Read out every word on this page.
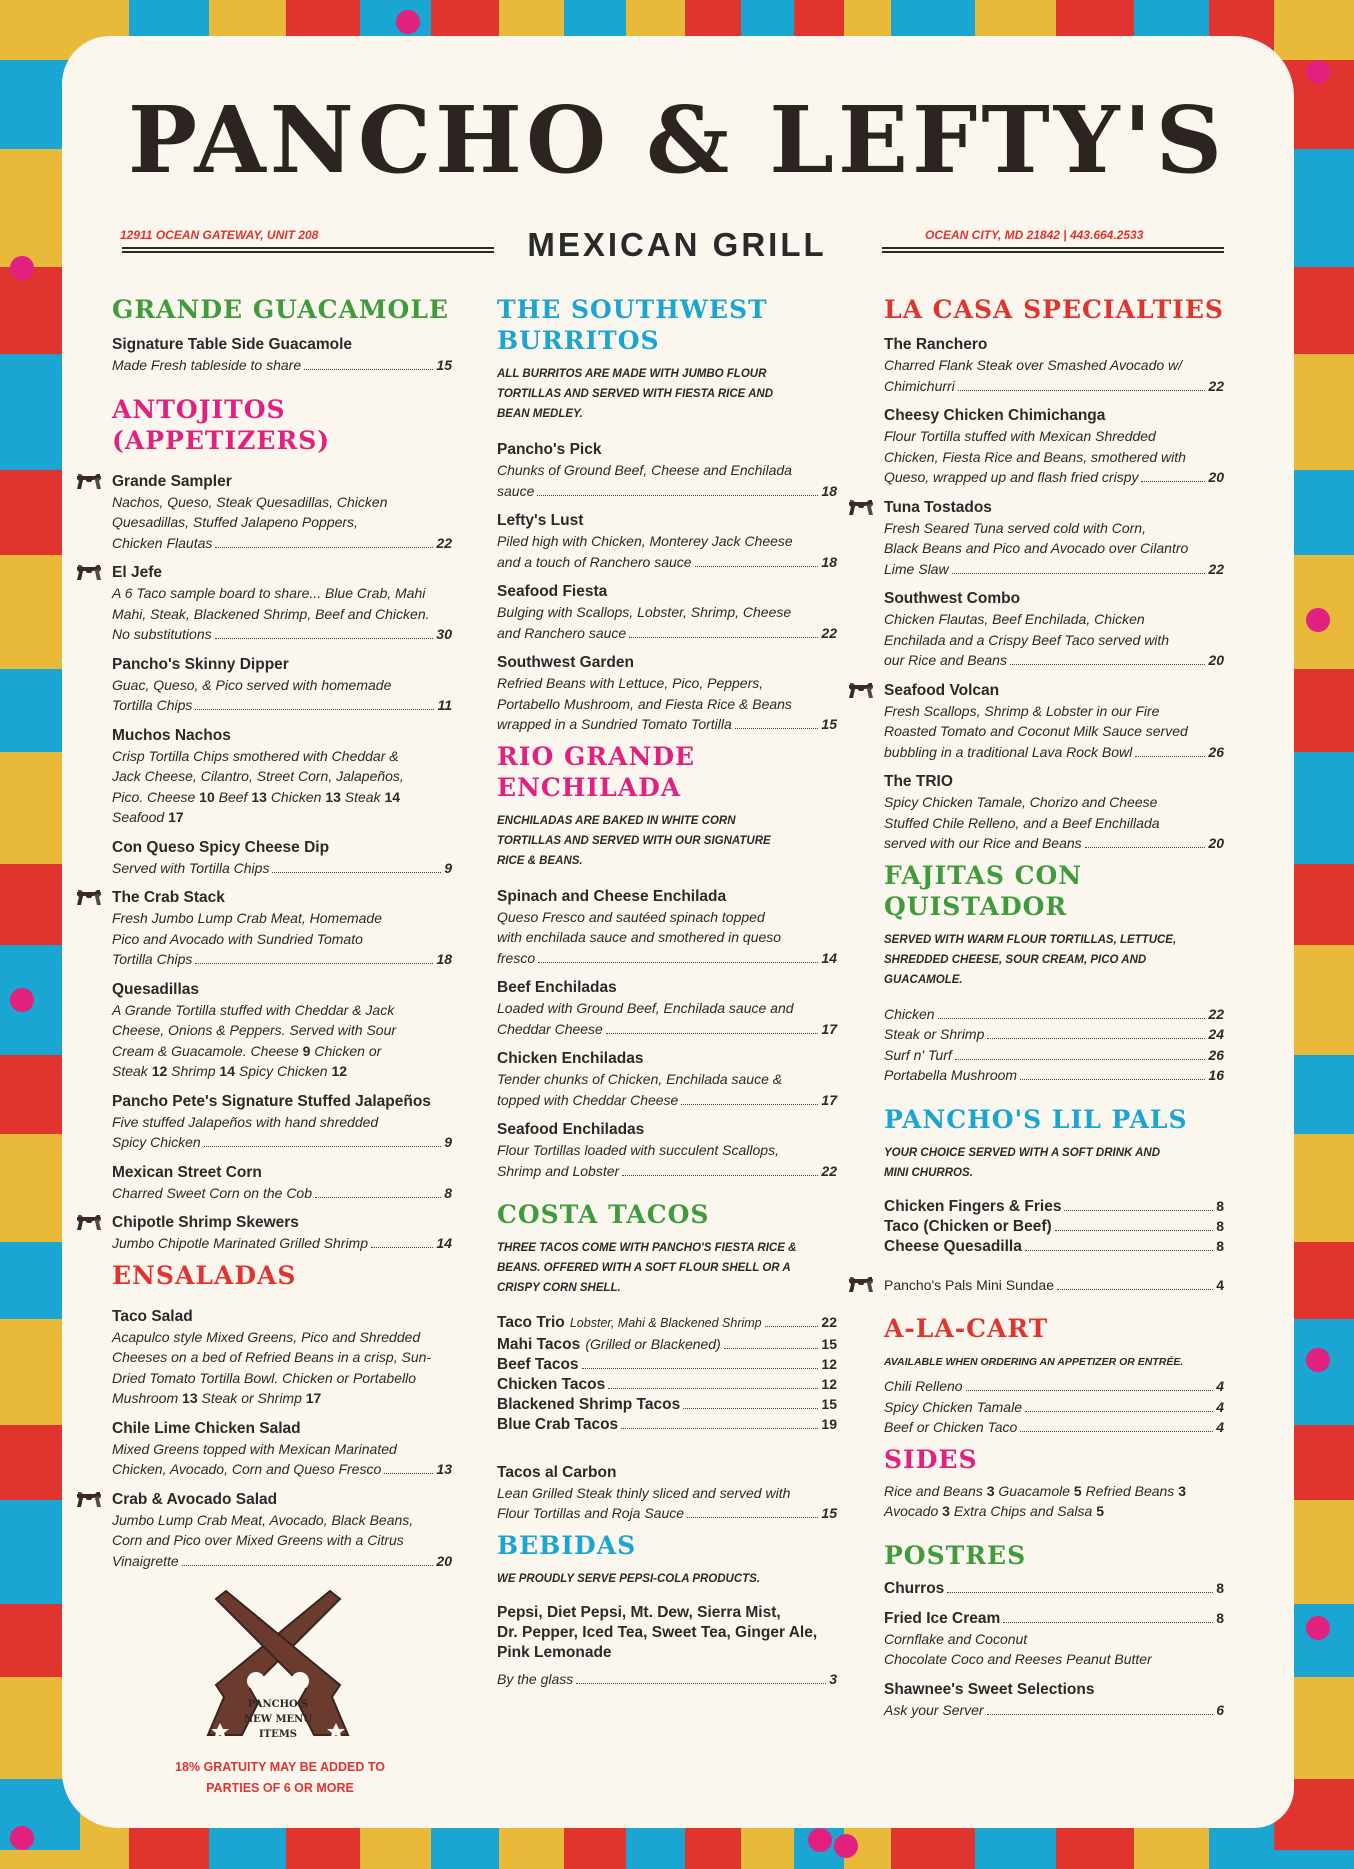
PANCHO & LEFTY'S
12911 OCEAN GATEWAY, UNIT 208	MEXICAN GRILL	OCEAN CITY, MD 21842 | 443.664.2533
GRANDE GUACAMOLE
Signature Table Side Guacamole
Made Fresh tableside to share	15
ANTOJITOS
(APPETIZERS)
Grande Sampler
Nachos, Queso, Steak Quesadillas, Chicken
Quesadillas, Stuffed Jalapeno Poppers,
Chicken Flautas	22
El Jefe
A 6 Taco sample board to share... Blue Crab, Mahi
Mahi, Steak, Blackened Shrimp, Beef and Chicken.
No substitutions	30
Pancho's Skinny Dipper
Guac, Queso, & Pico served with homemade
Tortilla Chips	11
Muchos Nachos
Crisp Tortilla Chips smothered with Cheddar &
Jack Cheese, Cilantro, Street Corn, Jalapeños,
Pico. Cheese 10 Beef 13 Chicken 13 Steak 14
Seafood 17
Con Queso Spicy Cheese Dip
Served with Tortilla Chips	9
The Crab Stack
Fresh Jumbo Lump Crab Meat, Homemade
Pico and Avocado with Sundried Tomato
Tortilla Chips	18
Quesadillas
A Grande Tortilla stuffed with Cheddar & Jack
Cheese, Onions & Peppers. Served with Sour
Cream & Guacamole. Cheese 9 Chicken or
Steak 12 Shrimp 14 Spicy Chicken 12
Pancho Pete's Signature Stuffed Jalapeños
Five stuffed Jalapeños with hand shredded
Spicy Chicken	9
Mexican Street Corn
Charred Sweet Corn on the Cob	8
Chipotle Shrimp Skewers
Jumbo Chipotle Marinated Grilled Shrimp	14
ENSALADAS
Taco Salad
Acapulco style Mixed Greens, Pico and Shredded
Cheeses on a bed of Refried Beans in a crisp, Sun-
Dried Tomato Tortilla Bowl. Chicken or Portabello
Mushroom 13 Steak or Shrimp 17
Chile Lime Chicken Salad
Mixed Greens topped with Mexican Marinated
Chicken, Avocado, Corn and Queso Fresco	13
Crab & Avocado Salad
Jumbo Lump Crab Meat, Avocado, Black Beans,
Corn and Pico over Mixed Greens with a Citrus
Vinaigrette	20
PANCHO'S
NEW MENU
ITEMS
18% GRATUITY MAY BE ADDED TO
PARTIES OF 6 OR MORE
THE SOUTHWEST
BURRITOS
ALL BURRITOS ARE MADE WITH JUMBO FLOUR
TORTILLAS AND SERVED WITH FIESTA RICE AND
BEAN MEDLEY.
Pancho's Pick
Chunks of Ground Beef, Cheese and Enchilada
sauce	18
Lefty's Lust
Piled high with Chicken, Monterey Jack Cheese
and a touch of Ranchero sauce	18
Seafood Fiesta
Bulging with Scallops, Lobster, Shrimp, Cheese
and Ranchero sauce	22
Southwest Garden
Refried Beans with Lettuce, Pico, Peppers,
Portabello Mushroom, and Fiesta Rice & Beans
wrapped in a Sundried Tomato Tortilla	15
RIO GRANDE
ENCHILADA
ENCHILADAS ARE BAKED IN WHITE CORN
TORTILLAS AND SERVED WITH OUR SIGNATURE
RICE & BEANS.
Spinach and Cheese Enchilada
Queso Fresco and sautéed spinach topped
with enchilada sauce and smothered in queso
fresco	14
Beef Enchiladas
Loaded with Ground Beef, Enchilada sauce and
Cheddar Cheese	17
Chicken Enchiladas
Tender chunks of Chicken, Enchilada sauce &
topped with Cheddar Cheese	17
Seafood Enchiladas
Flour Tortillas loaded with succulent Scallops,
Shrimp and Lobster	22
COSTA TACOS
THREE TACOS COME WITH PANCHO'S FIESTA RICE &
BEANS. OFFERED WITH A SOFT FLOUR SHELL OR A
CRISPY CORN SHELL.
Taco Trio
Lobster, Mahi & Blackened Shrimp	22
Mahi Tacos
(Grilled or Blackened)	15
Beef Tacos	12
Chicken Tacos	12
Blackened Shrimp Tacos	15
Blue Crab Tacos	19
Tacos al Carbon
Lean Grilled Steak thinly sliced and served with
Flour Tortillas and Roja Sauce	15
BEBIDAS
WE PROUDLY SERVE PEPSI-COLA PRODUCTS.
Pepsi, Diet Pepsi, Mt. Dew, Sierra Mist,
Dr. Pepper, Iced Tea, Sweet Tea, Ginger Ale,
Pink Lemonade
By the glass	3
LA CASA SPECIALTIES
The Ranchero
Charred Flank Steak over Smashed Avocado w/
Chimichurri	22
Cheesy Chicken Chimichanga
Flour Tortilla stuffed with Mexican Shredded
Chicken, Fiesta Rice and Beans, smothered with
Queso, wrapped up and flash fried crispy	20
Tuna Tostados
Fresh Seared Tuna served cold with Corn,
Black Beans and Pico and Avocado over Cilantro
Lime Slaw	22
Southwest Combo
Chicken Flautas, Beef Enchilada, Chicken
Enchilada and a Crispy Beef Taco served with
our Rice and Beans	20
Seafood Volcan
Fresh Scallops, Shrimp & Lobster in our Fire
Roasted Tomato and Coconut Milk Sauce served
bubbling in a traditional Lava Rock Bowl	26
The TRIO
Spicy Chicken Tamale, Chorizo and Cheese
Stuffed Chile Relleno, and a Beef Enchillada
served with our Rice and Beans	20
FAJITAS CON
QUISTADOR
SERVED WITH WARM FLOUR TORTILLAS, LETTUCE,
SHREDDED CHEESE, SOUR CREAM, PICO AND
GUACAMOLE.
Chicken	22
Steak or Shrimp	24
Surf n' Turf	26
Portabella Mushroom	16
PANCHO'S LIL PALS
YOUR CHOICE SERVED WITH A SOFT DRINK AND
MINI CHURROS.
Chicken Fingers & Fries	8
Taco (Chicken or Beef)	8
Cheese Quesadilla	8
Pancho's Pals Mini Sundae	4
A-LA-CART
AVAILABLE WHEN ORDERING AN APPETIZER OR ENTRÉE.
Chili Relleno	4
Spicy Chicken Tamale	4
Beef or Chicken Taco	4
SIDES
Rice and Beans 3 Guacamole 5 Refried Beans 3
Avocado 3 Extra Chips and Salsa 5
POSTRES
Churros	8
Fried Ice Cream	8
Cornflake and Coconut
Chocolate Coco and Reeses Peanut Butter
Shawnee's Sweet Selections
Ask your Server	6
